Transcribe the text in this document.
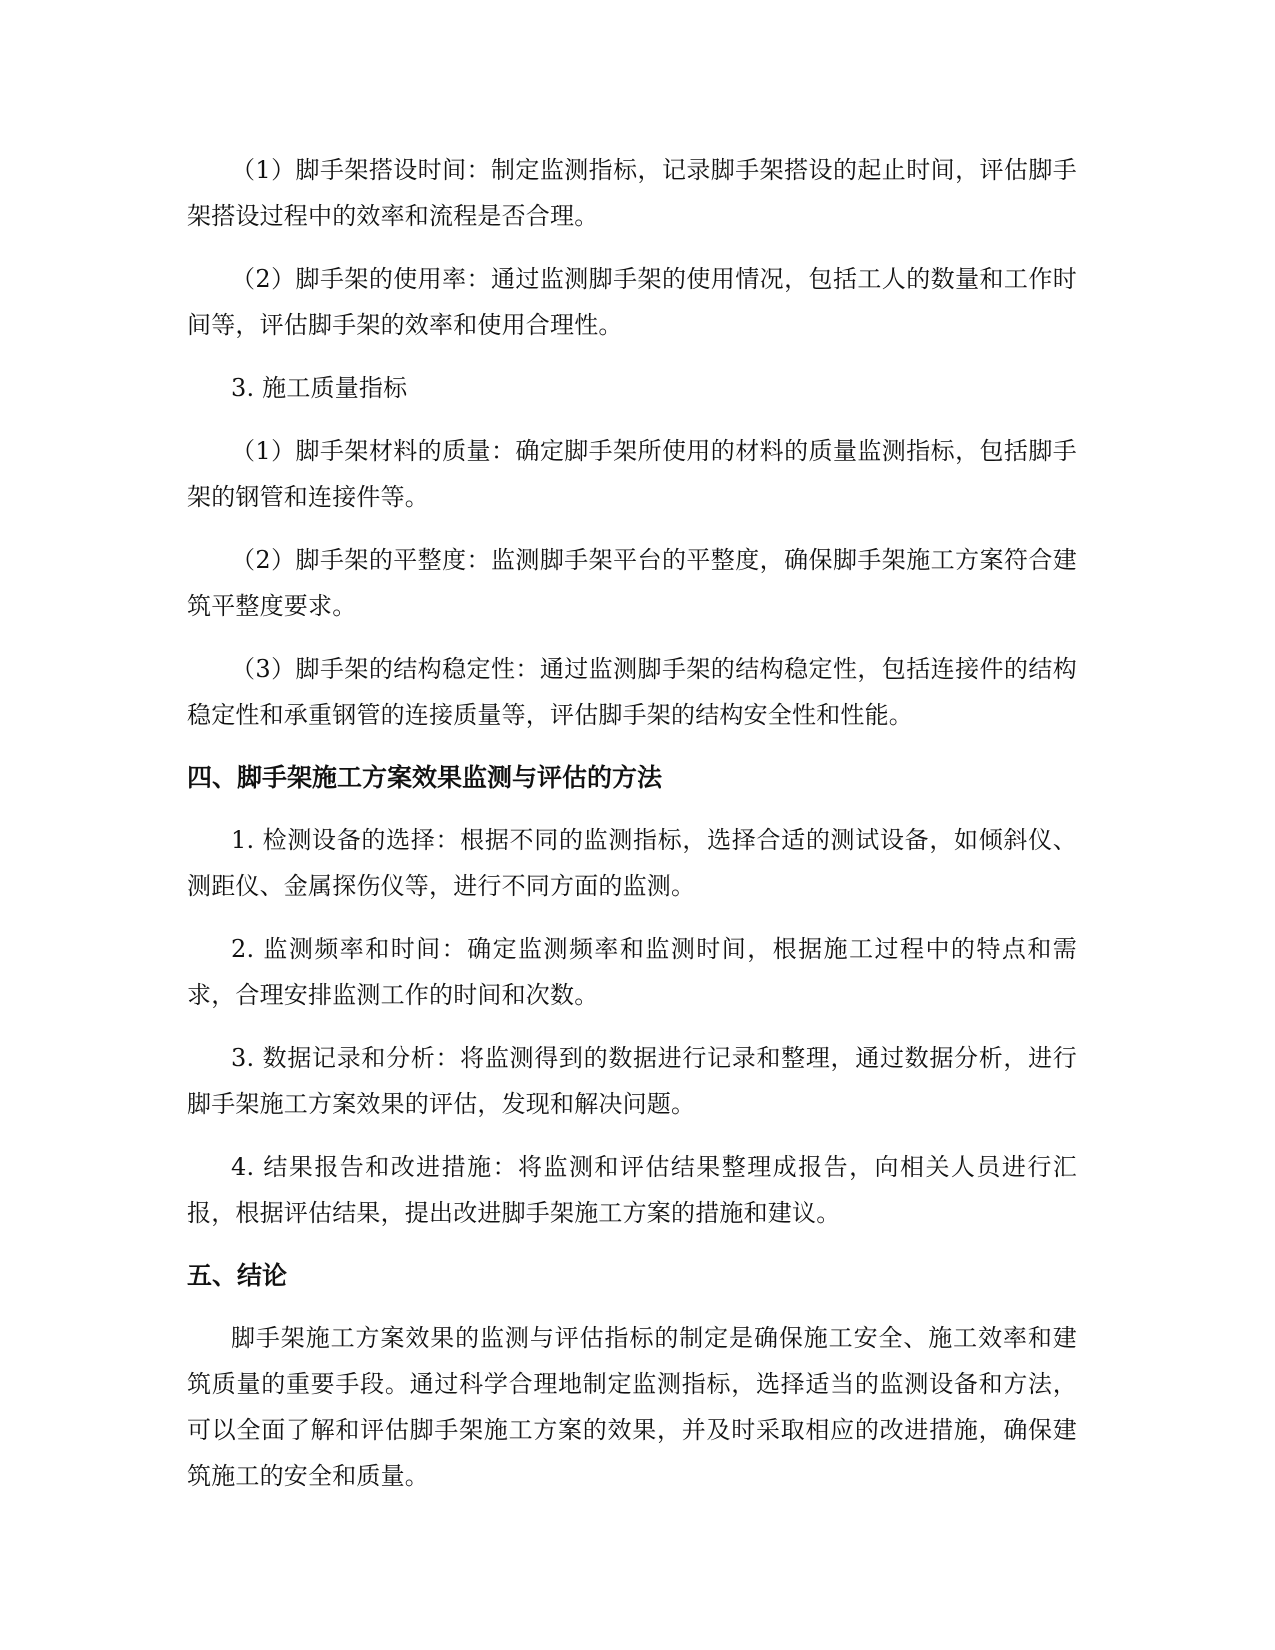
（1）脚手架搭设时间：制定监测指标，记录脚手架搭设的起止时间，评估脚手架搭设过程中的效率和流程是否合理。

（2）脚手架的使用率：通过监测脚手架的使用情况，包括工人的数量和工作时间等，评估脚手架的效率和使用合理性。

3. 施工质量指标

（1）脚手架材料的质量：确定脚手架所使用的材料的质量监测指标，包括脚手架的钢管和连接件等。

（2）脚手架的平整度：监测脚手架平台的平整度，确保脚手架施工方案符合建筑平整度要求。

（3）脚手架的结构稳定性：通过监测脚手架的结构稳定性，包括连接件的结构稳定性和承重钢管的连接质量等，评估脚手架的结构安全性和性能。

四、脚手架施工方案效果监测与评估的方法

1. 检测设备的选择：根据不同的监测指标，选择合适的测试设备，如倾斜仪、测距仪、金属探伤仪等，进行不同方面的监测。

2. 监测频率和时间：确定监测频率和监测时间，根据施工过程中的特点和需求，合理安排监测工作的时间和次数。

3. 数据记录和分析：将监测得到的数据进行记录和整理，通过数据分析，进行脚手架施工方案效果的评估，发现和解决问题。

4. 结果报告和改进措施：将监测和评估结果整理成报告，向相关人员进行汇报，根据评估结果，提出改进脚手架施工方案的措施和建议。

五、结论

脚手架施工方案效果的监测与评估指标的制定是确保施工安全、施工效率和建筑质量的重要手段。通过科学合理地制定监测指标，选择适当的监测设备和方法，可以全面了解和评估脚手架施工方案的效果，并及时采取相应的改进措施，确保建筑施工的安全和质量。
